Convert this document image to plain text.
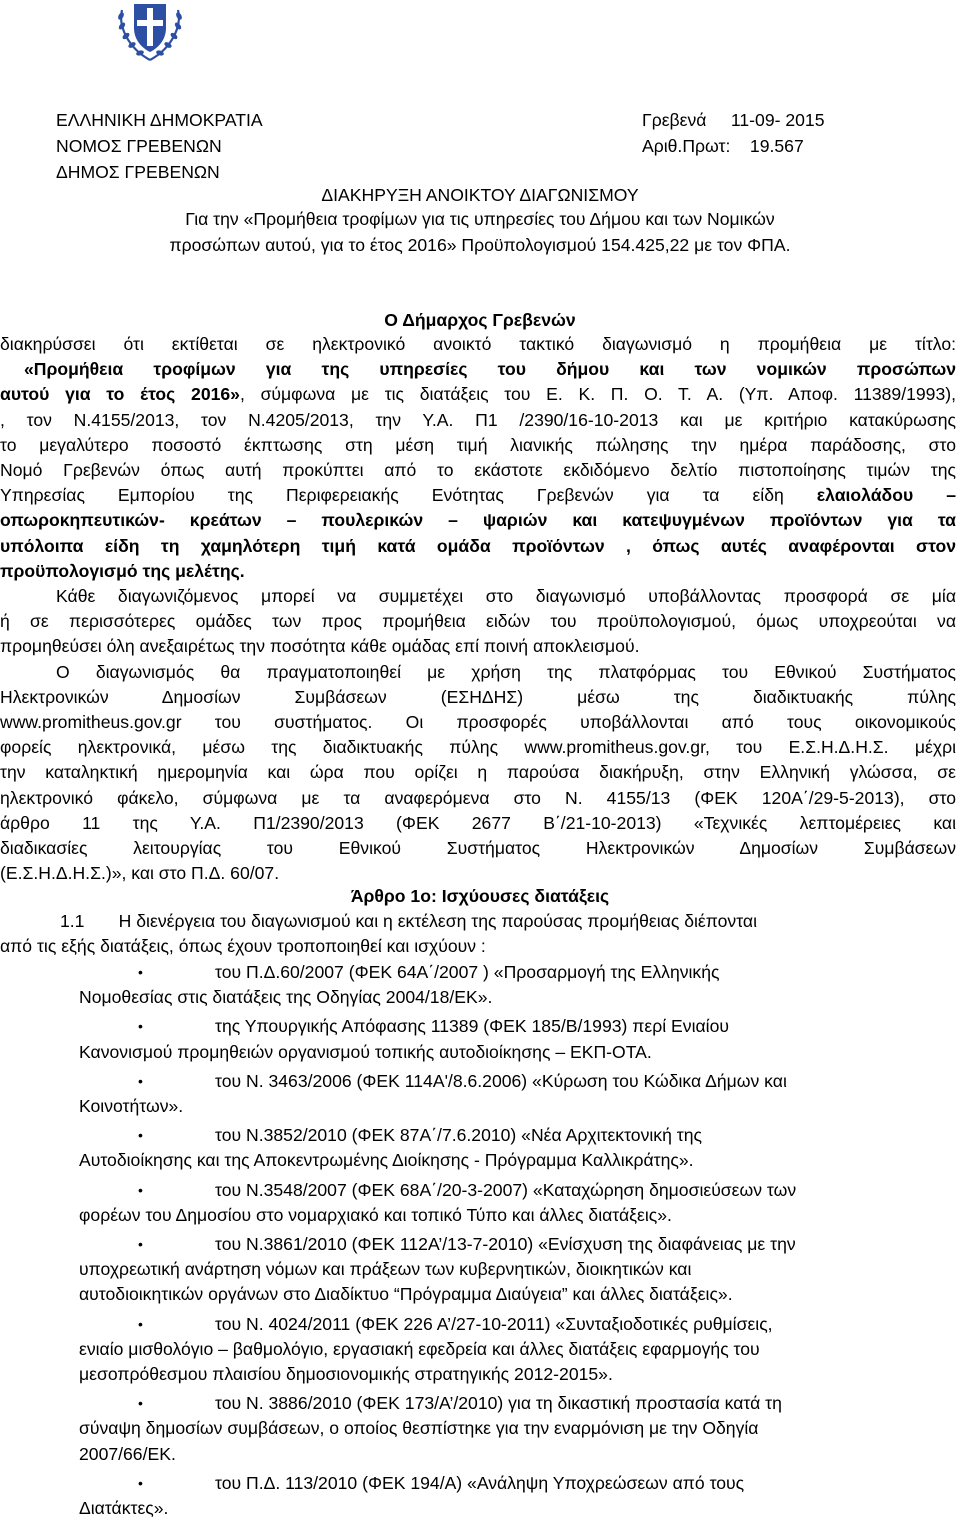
ΕΛΛΗΝΙΚΗ ΔΗΜΟΚΡΑΤΙΑ	Γρεβενά     11-09- 2015
ΝΟΜΟΣ ΓΡΕΒΕΝΩΝ	Αριθ.Πρωτ:    19.567
ΔΗΜΟΣ ΓΡΕΒΕΝΩΝ
ΔΙΑΚΗΡΥΞΗ ΑΝΟΙΚΤΟΥ ΔΙΑΓΩΝΙΣΜΟΥ
Για την «Προμήθεια τροφίμων για τις υπηρεσίες του Δήμου και των Νομικών
προσώπων αυτού, για το έτος 2016» Προϋπολογισμού 154.425,22 με τον ΦΠΑ.
Ο Δήμαρχος Γρεβενών
διακηρύσσει ότι εκτίθεται σε ηλεκτρονικό ανοικτό τακτικό διαγωνισμό η προμήθεια με τίτλο:
«Προμήθεια τροφίμων για της υπηρεσίες του δήμου και των νομικών προσώπων
αυτού για το έτος 2016», σύμφωνα με τις διατάξεις του Ε. Κ. Π. Ο. Τ. Α. (Υπ. Αποφ. 11389/1993),
, τον Ν.4155/2013, τον Ν.4205/2013, την Υ.Α. Π1 /2390/16-10-2013 και με κριτήριο κατακύρωσης
το μεγαλύτερο ποσοστό έκπτωσης στη μέση τιμή λιανικής πώλησης την ημέρα παράδοσης, στο
Νομό Γρεβενών όπως αυτή προκύπτει από το εκάστοτε εκδιδόμενο δελτίο πιστοποίησης τιμών της
Υπηρεσίας Εμπορίου της Περιφερειακής Ενότητας Γρεβενών για τα είδη ελαιολάδου –
οπωροκηπευτικών- κρεάτων – πουλερικών – ψαριών και κατεψυγμένων προϊόντων για τα
υπόλοιπα είδη τη χαμηλότερη τιμή κατά ομάδα προϊόντων , όπως αυτές αναφέρονται στον
προϋπολογισμό της μελέτης.
Κάθε διαγωνιζόμενος μπορεί να συμμετέχει στο διαγωνισμό υποβάλλοντας προσφορά σε μία
ή σε περισσότερες ομάδες των προς προμήθεια ειδών του προϋπολογισμού, όμως υποχρεούται να
προμηθεύσει όλη ανεξαιρέτως την ποσότητα κάθε ομάδας επί ποινή αποκλεισμού.
Ο διαγωνισμός θα πραγματοποιηθεί με χρήση της πλατφόρμας του Εθνικού Συστήματος
Ηλεκτρονικών Δημοσίων Συμβάσεων (ΕΣΗΔΗΣ) μέσω της διαδικτυακής πύλης
www.promitheus.gov.gr του συστήματος. Οι προσφορές υποβάλλονται από τους οικονομικούς
φορείς ηλεκτρονικά, μέσω της διαδικτυακής πύλης www.promitheus.gov.gr, του Ε.Σ.Η.Δ.Η.Σ. μέχρι
την καταληκτική ημερομηνία και ώρα που ορίζει η παρούσα διακήρυξη, στην Ελληνική γλώσσα, σε
ηλεκτρονικό φάκελο, σύμφωνα με τα αναφερόμενα στο Ν. 4155/13 (ΦΕΚ 120Α΄/29-5-2013), στο
άρθρο 11 της Υ.Α. Π1/2390/2013 (ΦΕΚ 2677 Β΄/21-10-2013) «Τεχνικές λεπτομέρειες και
διαδικασίες λειτουργίας του Εθνικού Συστήματος Ηλεκτρονικών Δημοσίων Συμβάσεων
(Ε.Σ.Η.Δ.Η.Σ.)», και στο Π.Δ. 60/07.
Άρθρο 1ο: Ισχύουσες διατάξεις
1.1       Η διενέργεια του διαγωνισμού και η εκτέλεση της παρούσας προμήθειας διέπονται
από τις εξής διατάξεις, όπως έχουν τροποποιηθεί και ισχύουν :
•	του Π.Δ.60/2007 (ΦΕΚ 64Α΄/2007 ) «Προσαρμογή της Ελληνικής
Νομοθεσίας στις διατάξεις της Οδηγίας 2004/18/ΕΚ».
•	της Υπουργικής Απόφασης 11389 (ΦΕΚ 185/Β/1993) περί Ενιαίου
Κανονισμού προμηθειών οργανισμού τοπικής αυτοδιοίκησης – ΕΚΠ-ΟΤΑ.
•	του Ν. 3463/2006 (ΦΕΚ 114Α'/8.6.2006) «Κύρωση του Κώδικα Δήμων και
Κοινοτήτων».
•	του Ν.3852/2010 (ΦΕΚ 87Α΄/7.6.2010) «Νέα Αρχιτεκτονική της
Αυτοδιοίκησης και της Αποκεντρωμένης Διοίκησης - Πρόγραμμα Καλλικράτης».
•	του Ν.3548/2007 (ΦΕΚ 68Α΄/20-3-2007) «Καταχώρηση δημοσιεύσεων των
φορέων του Δημοσίου στο νομαρχιακό και τοπικό Τύπο και άλλες διατάξεις».
•	του Ν.3861/2010 (ΦΕΚ 112Α’/13-7-2010) «Ενίσχυση της διαφάνειας με την
υποχρεωτική ανάρτηση νόμων και πράξεων των κυβερνητικών, διοικητικών και
αυτοδιοικητικών οργάνων στο Διαδίκτυο “Πρόγραμμα Διαύγεια” και άλλες διατάξεις».
•	του Ν. 4024/2011 (ΦΕΚ 226 Α’/27-10-2011) «Συνταξιοδοτικές ρυθμίσεις,
ενιαίο μισθολόγιο – βαθμολόγιο, εργασιακή εφεδρεία και άλλες διατάξεις εφαρμογής του
μεσοπρόθεσμου πλαισίου δημοσιονομικής στρατηγικής 2012-2015».
•	του Ν. 3886/2010 (ΦΕΚ 173/Α’/2010) για τη δικαστική προστασία κατά τη
σύναψη δημοσίων συμβάσεων, ο οποίος θεσπίστηκε για την εναρμόνιση με την Οδηγία
2007/66/ΕΚ.
•	του Π.Δ. 113/2010 (ΦΕΚ 194/Α) «Ανάληψη Υποχρεώσεων από τους
Διατάκτες».
